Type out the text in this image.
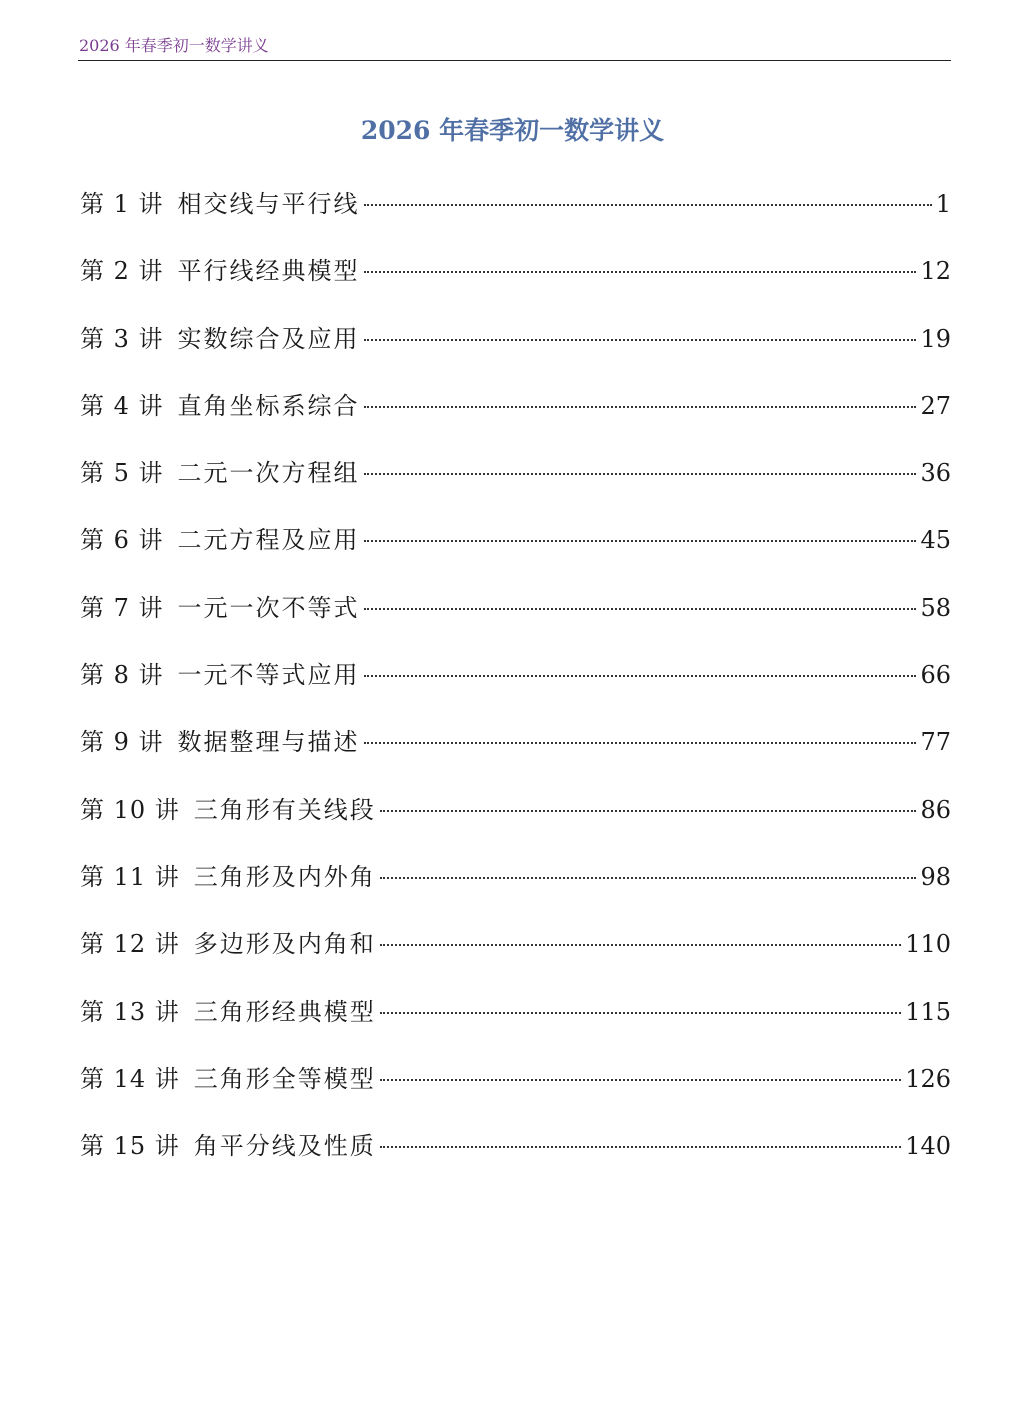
2026 年春季初一数学讲义
2026 年春季初一数学讲义
第 1 讲 相交线与平行线	1
第 2 讲 平行线经典模型	12
第 3 讲 实数综合及应用	19
第 4 讲 直角坐标系综合	27
第 5 讲 二元一次方程组	36
第 6 讲 二元方程及应用	45
第 7 讲 一元一次不等式	58
第 8 讲 一元不等式应用	66
第 9 讲 数据整理与描述	77
第 10 讲 三角形有关线段	86
第 11 讲 三角形及内外角	98
第 12 讲 多边形及内角和	110
第 13 讲 三角形经典模型	115
第 14 讲 三角形全等模型	126
第 15 讲 角平分线及性质	140
